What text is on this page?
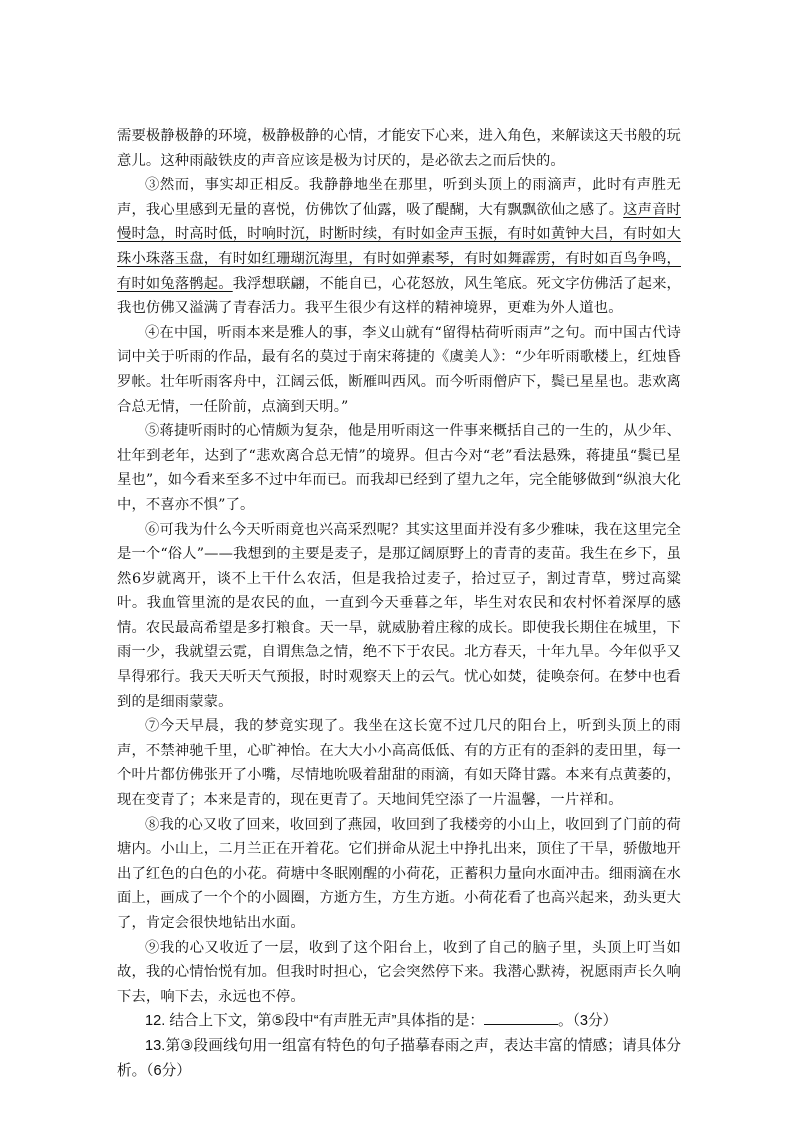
需要极静极静的环境，极静极静的心情，才能安下心来，进入角色，来解读这天书般的玩意儿。这种雨敲铁皮的声音应该是极为讨厌的，是必欲去之而后快的。

③然而，事实却正相反。我静静地坐在那里，听到头顶上的雨滴声，此时有声胜无声，我心里感到无量的喜悦，仿佛饮了仙露，吸了醍醐，大有飘飘欲仙之感了。这声音时慢时急，时高时低，时响时沉，时断时续，有时如金声玉振，有时如黄钟大吕，有时如大珠小珠落玉盘，有时如红珊瑚沉海里，有时如弹素琴，有时如舞霹雳，有时如百鸟争鸣，有时如兔落鹘起。我浮想联翩，不能自已，心花怒放，风生笔底。死文字仿佛活了起来，我也仿佛又溢满了青春活力。我平生很少有这样的精神境界，更难为外人道也。

④在中国，听雨本来是雅人的事，李义山就有“留得枯荷听雨声”之句。而中国古代诗词中关于听雨的作品，最有名的莫过于南宋蒋捷的《虞美人》：“少年听雨歌楼上，红烛昏罗帐。壮年听雨客舟中，江阔云低，断雁叫西风。而今听雨僧庐下，鬓已星星也。悲欢离合总无情，一任阶前，点滴到天明。”

⑤蒋捷听雨时的心情颇为复杂，他是用听雨这一件事来概括自己的一生的，从少年、壮年到老年，达到了“悲欢离合总无情”的境界。但古今对“老”看法悬殊，蒋捷虽“鬓已星星也”，如今看来至多不过中年而已。而我却已经到了望九之年，完全能够做到“纵浪大化中，不喜亦不惧”了。

⑥可我为什么今天听雨竟也兴高采烈呢？其实这里面并没有多少雅味，我在这里完全是一个“俗人”——我想到的主要是麦子，是那辽阔原野上的青青的麦苗。我生在乡下，虽然6岁就离开，谈不上干什么农活，但是我拾过麦子，拾过豆子，割过青草，劈过高粱叶。我血管里流的是农民的血，一直到今天垂暮之年，毕生对农民和农村怀着深厚的感情。农民最高希望是多打粮食。天一旱，就威胁着庄稼的成长。即使我长期住在城里，下雨一少，我就望云霓，自谓焦急之情，绝不下于农民。北方春天，十年九旱。今年似乎又旱得邪行。我天天听天气预报，时时观察天上的云气。忧心如焚，徒唤奈何。在梦中也看到的是细雨蒙蒙。

⑦今天早晨，我的梦竟实现了。我坐在这长宽不过几尺的阳台上，听到头顶上的雨声，不禁神驰千里，心旷神怡。在大大小小高高低低、有的方正有的歪斜的麦田里，每一个叶片都仿佛张开了小嘴，尽情地吮吸着甜甜的雨滴，有如天降甘露。本来有点黄萎的，现在变青了；本来是青的，现在更青了。天地间凭空添了一片温馨，一片祥和。

⑧我的心又收了回来，收回到了燕园，收回到了我楼旁的小山上，收回到了门前的荷塘内。小山上，二月兰正在开着花。它们拼命从泥土中挣扎出来，顶住了干旱，骄傲地开出了红色的白色的小花。荷塘中冬眠刚醒的小荷花，正蓄积力量向水面冲击。细雨滴在水面上，画成了一个个的小圆圈，方逝方生，方生方逝。小荷花看了也高兴起来，劲头更大了，肯定会很快地钻出水面。

⑨我的心又收近了一层，收到了这个阳台上，收到了自己的脑子里，头顶上叮当如故，我的心情怡悦有加。但我时时担心，它会突然停下来。我潜心默祷，祝愿雨声长久响下去，响下去，永远也不停。

12. 结合上下文，第⑤段中“有声胜无声”具体指的是：	。（3分）

13.第③段画线句用一组富有特色的句子描摹春雨之声，表达丰富的情感；请具体分析。（6分）
